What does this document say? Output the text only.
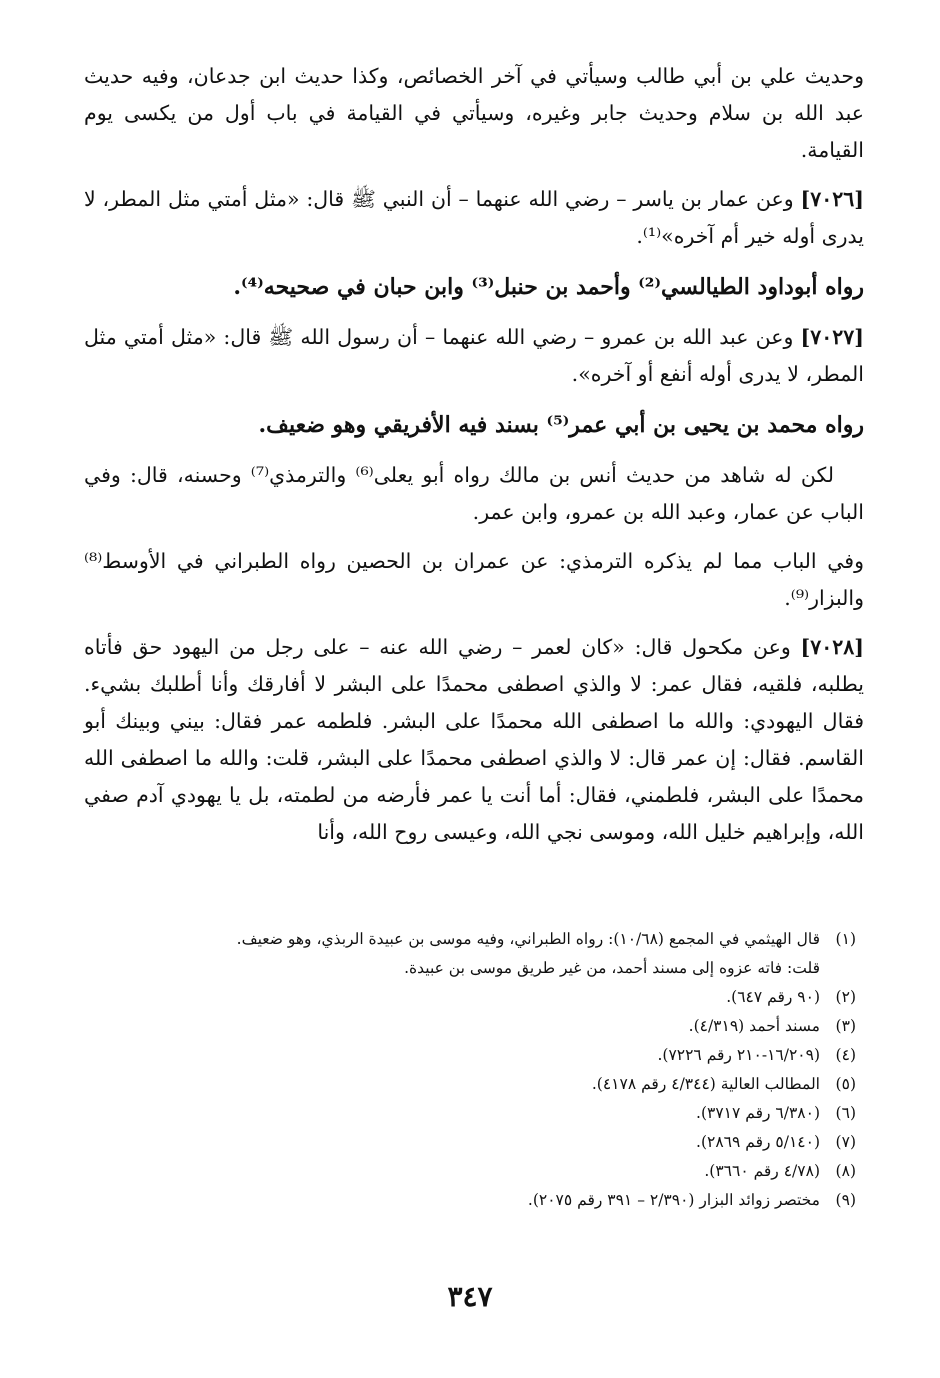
وحديث علي بن أبي طالب وسيأتي في آخر الخصائص، وكذا حديث ابن جدعان، وفيه حديث عبد الله بن سلام وحديث جابر وغيره، وسيأتي في القيامة في باب أول من يكسى يوم القيامة.

[٧٠٢٦] وعن عمار بن ياسر – رضي الله عنهما – أن النبي ﷺ قال: «مثل أمتي مثل المطر، لا يدرى أوله خير أم آخره»⁽¹⁾.

رواه أبوداود الطيالسي⁽²⁾ وأحمد بن حنبل⁽³⁾ وابن حبان في صحيحه⁽⁴⁾.

[٧٠٢٧] وعن عبد الله بن عمرو – رضي الله عنهما – أن رسول الله ﷺ قال: «مثل أمتي مثل المطر، لا يدرى أوله أنفع أو آخره».

رواه محمد بن يحيى بن أبي عمر⁽⁵⁾ بسند فيه الأفريقي وهو ضعيف.

لكن له شاهد من حديث أنس بن مالك رواه أبو يعلى⁽⁶⁾ والترمذي⁽⁷⁾ وحسنه، قال: وفي الباب عن عمار، وعبد الله بن عمرو، وابن عمر.

وفي الباب مما لم يذكره الترمذي: عن عمران بن الحصين رواه الطبراني في الأوسط⁽⁸⁾ والبزار⁽⁹⁾.

[٧٠٢٨] وعن مكحول قال: «كان لعمر – رضي الله عنه – على رجل من اليهود حق فأتاه يطلبه، فلقيه، فقال عمر: لا والذي اصطفى محمدًا على البشر لا أفارقك وأنا أطلبك بشيء. فقال اليهودي: والله ما اصطفى الله محمدًا على البشر. فلطمه عمر فقال: بيني وبينك أبو القاسم. فقال: إن عمر قال: لا والذي اصطفى محمدًا على البشر، قلت: والله ما اصطفى الله محمدًا على البشر، فلطمني، فقال: أما أنت يا عمر فأرضه من لطمته، بل يا يهودي آدم صفي الله، وإبراهيم خليل الله، وموسى نجي الله، وعيسى روح الله، وأنا

(١)قال الهيثمي في المجمع (١٠/٦٨): رواه الطبراني، وفيه موسى بن عبيدة الربذي، وهو ضعيف.

قلت: فاته عزوه إلى مسند أحمد، من غير طريق موسى بن عبيدة.

(٢)(٩٠ رقم ٦٤٧).

(٣)مسند أحمد (٤/٣١٩).

(٤)(١٦/٢٠٩-٢١٠ رقم ٧٢٢٦).

(٥)المطالب العالية (٤/٣٤٤ رقم ٤١٧٨).

(٦)(٦/٣٨٠ رقم ٣٧١٧).

(٧)(٥/١٤٠ رقم ٢٨٦٩).

(٨)(٤/٧٨ رقم ٣٦٦٠).

(٩)مختصر زوائد البزار (٢/٣٩٠ – ٣٩١ رقم ٢٠٧٥).

٣٤٧
